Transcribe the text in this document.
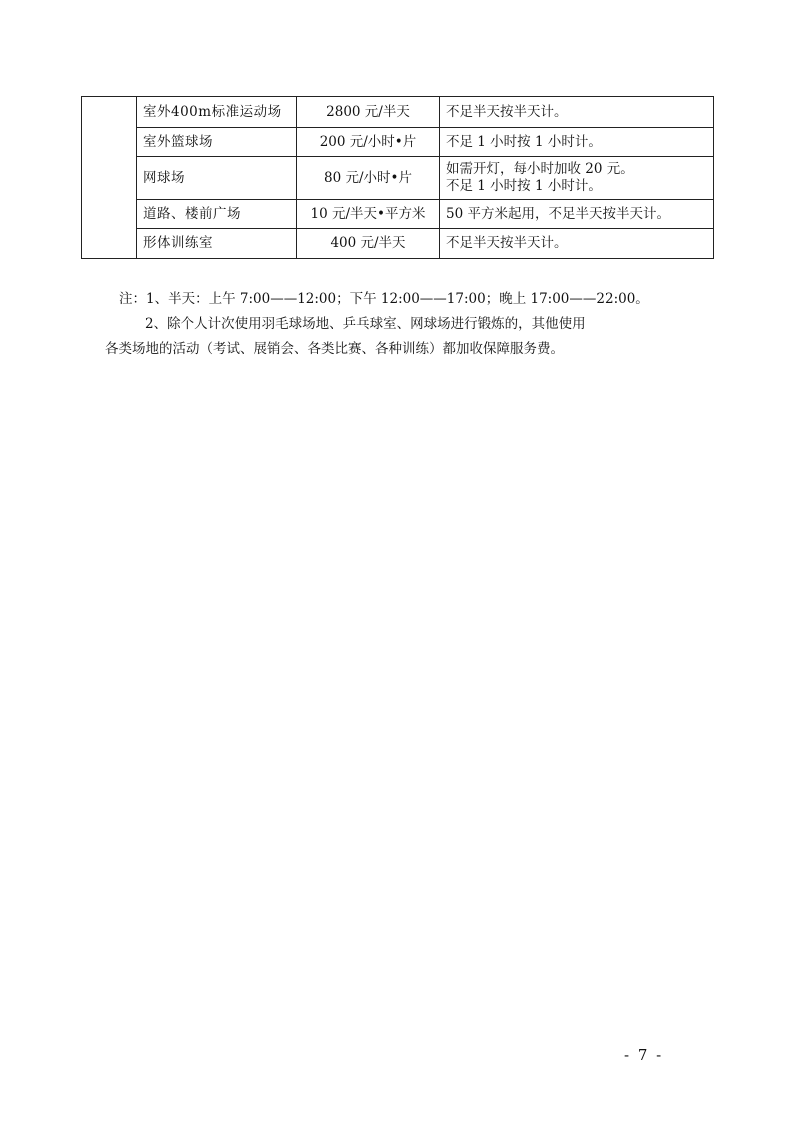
	室外400m标准运动场	2800 元/半天	不足半天按半天计。

	室外篮球场	200 元/小时•片	不足 1 小时按 1 小时计。

	网球场	80 元/小时•片	如需开灯，每小时加收 20 元。
不足 1 小时按 1 小时计。

	道路、楼前广场	10 元/半天•平方米	50 平方米起用，不足半天按半天计。

	形体训练室	400 元/半天	不足半天按半天计。
注：1、半天：上午 7:00——12:00；下午 12:00——17:00；晚上 17:00——22:00。
2、除个人计次使用羽毛球场地、乒乓球室、网球场进行锻炼的，其他使用
各类场地的活动（考试、展销会、各类比赛、各种训练）都加收保障服务费。
- 7 -
